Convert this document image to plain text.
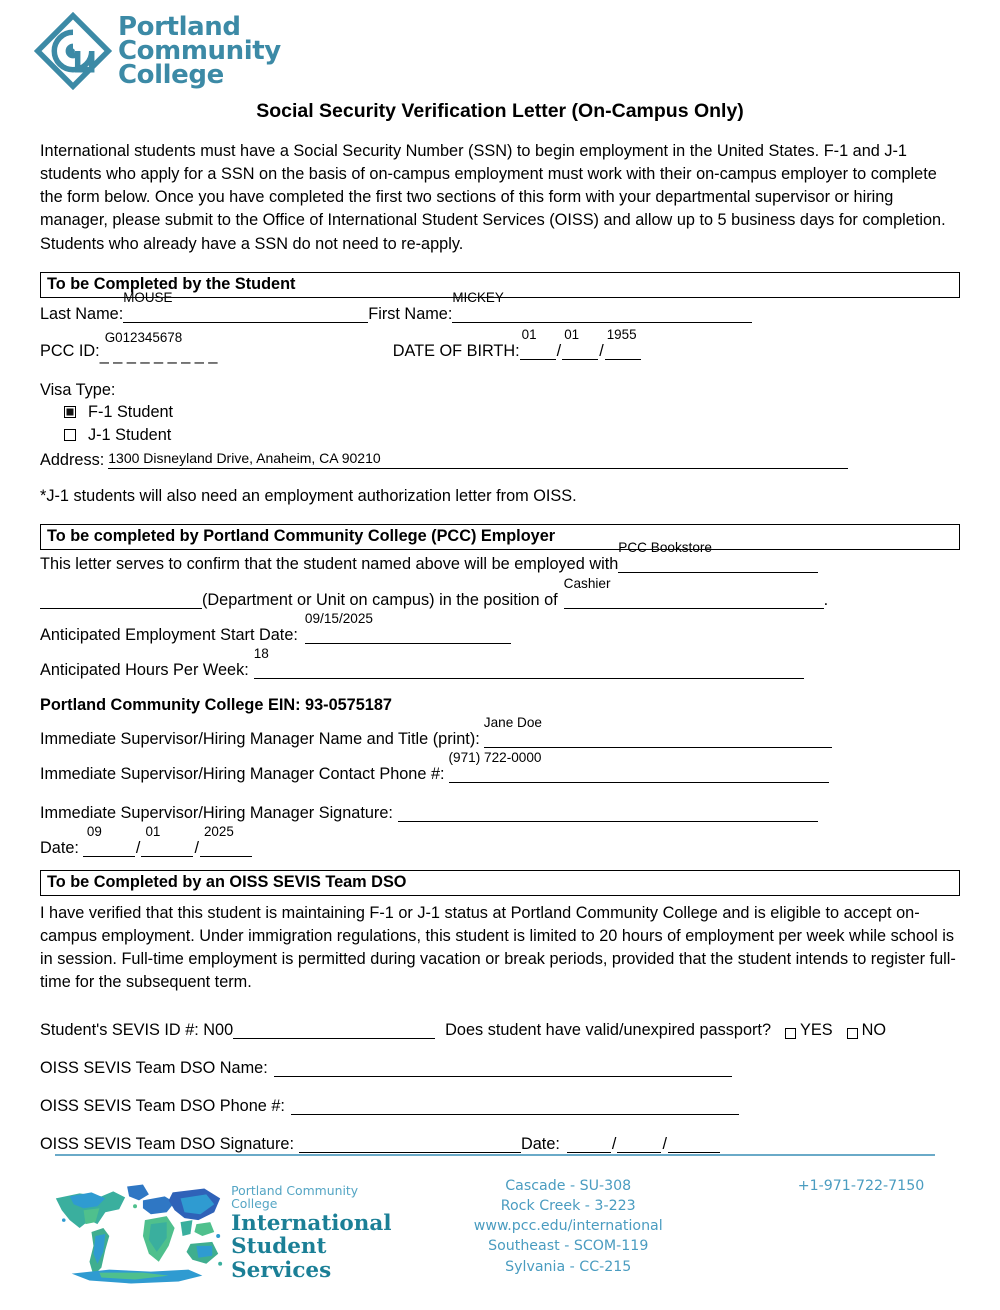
Portland
Community
College
Social Security Verification Letter (On-Campus Only)

International students must have a Social Security Number (SSN) to begin employment in the United States. F-1 and J-1 students who apply for a SSN on the basis of on-campus employment must work with their on-campus employer to complete the form below. Once you have completed the first two sections of this form with your departmental supervisor or hiring manager, please submit to the Office of International Student Services (OISS) and allow up to 5 business days for completion. Students who already have a SSN do not need to re-apply.

To be Completed by the Student
Last Name:
MOUSE
First Name:
MICKEY
PCC ID:
G012345678
_ _ _
DATE OF BIRTH:
01
/
01
/
1955
Visa Type:
F-1 Student
J-1 Student
Address: 1300 Disneyland Drive, Anaheim, CA 90210
*J-1 students will also need an employment authorization letter from OISS.
To be completed by Portland Community College (PCC) Employer
This letter serves to confirm that the student named above will be employed with
PCC Bookstore
(Department or Unit on campus) in the position of
Cashier
.
Anticipated Employment Start Date:
09/15/2025
Anticipated Hours Per Week:
18
Portland Community College EIN: 93-0575187
Immediate Supervisor/Hiring Manager Name and Title (print):
Jane Doe
Immediate Supervisor/Hiring Manager Contact Phone #:
(971) 722-0000
Immediate Supervisor/Hiring Manager Signature:
Date:
09
/
01
/
2025
To be Completed by an OISS SEVIS Team DSO

I have verified that this student is maintaining F-1 or J-1 status at Portland Community College and is eligible to accept on-campus employment. Under immigration regulations, this student is limited to 20 hours of employment per week while school is in session. Full-time employment is permitted during vacation or break periods, provided that the student intends to register full-time for the subsequent term.

Student's SEVIS ID #: N00	Does student have valid/unexpired passport? YES NO
OISS SEVIS Team DSO Name:
OISS SEVIS Team DSO Phone #:
OISS SEVIS Team DSO Signature:	Date:	/	/
Portland Community College
International
Student
Services
Cascade - SU-308
Rock Creek - 3-223
www.pcc.edu/international
Southeast - SCOM-119
Sylvania - CC-215
+1-971-722-7150
